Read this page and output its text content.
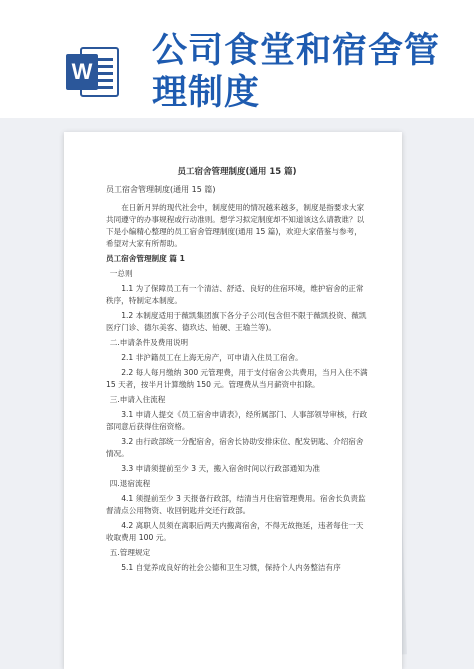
W
公司食堂和宿舍管理制度
员工宿舍管理制度(通用 15 篇)
员工宿舍管理制度(通用 15 篇)

在日新月异的现代社会中，制度使用的情况越来越多，制度是指要求大家共同遵守的办事规程或行动准则。想学习拟定制度却不知道该这么请教谁？以下是小编精心整理的员工宿舍管理制度(通用 15 篇)，欢迎大家借鉴与参考，希望对大家有所帮助。

员工宿舍管理制度 篇 1

一总则

1.1 为了保障员工有一个清洁、舒适、良好的住宿环境，维护宿舍的正常秩序，特制定本制度。

1.2 本制度适用于薇凯集团旗下各分子公司(包含但不限于薇凯投资、薇凯医疗门诊、德尔美客、德玖达、铂硬、王瑜兰等)。

二.申请条件及费用说明

2.1 非沪籍员工在上海无房产，可申请入住员工宿舍。

2.2 每人每月缴纳 300 元管理费，用于支付宿舍公共费用，当月入住不满 15 天者，按半月计算缴纳 150 元。管理费从当月薪资中扣除。

三.申请入住流程

3.1 申请人提交《员工宿舍申请表》，经所属部门、人事部领导审核，行政部同意后获得住宿资格。

3.2 由行政部统一分配宿舍，宿舍长协助安排床位、配发钥匙、介绍宿舍情况。

3.3 申请须提前至少 3 天，搬入宿舍时间以行政部通知为准

四.退宿流程

4.1 须提前至少 3 天报备行政部，结清当月住宿管理费用。宿舍长负责监督清点公用物资、收回钥匙并交还行政部。

4.2 离职人员须在离职后两天内搬离宿舍，不得无故拖延，违者每住一天收取费用 100 元。

五.管理规定

5.1 自觉养成良好的社会公德和卫生习惯，保持个人内务整洁有序
